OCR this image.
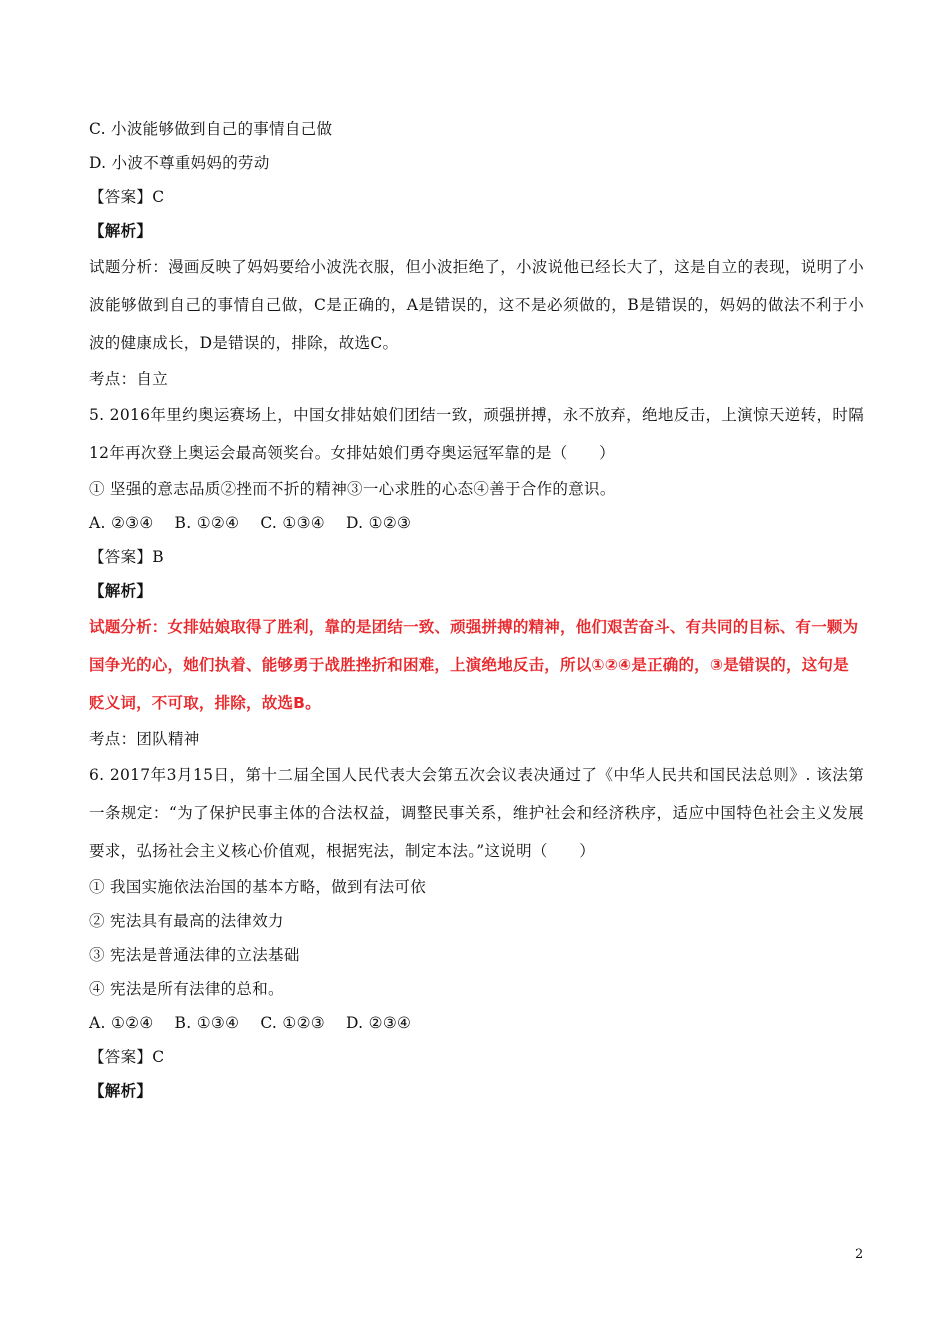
C. 小波能够做到自己的事情自己做
D. 小波不尊重妈妈的劳动
【答案】C
【解析】
试题分析：漫画反映了妈妈要给小波洗衣服，但小波拒绝了，小波说他已经长大了，这是自立的表现，说明了小波能够做到自己的事情自己做，C是正确的，A是错误的，这不是必须做的，B是错误的，妈妈的做法不利于小波的健康成长，D是错误的，排除，故选C。
考点：自立
5. 2016年里约奥运赛场上，中国女排姑娘们团结一致，顽强拼搏，永不放弃，绝地反击，上演惊天逆转，时隔12年再次登上奥运会最高领奖台。女排姑娘们勇夺奥运冠军靠的是（　　）
① 坚强的意志品质②挫而不折的精神③一心求胜的心态④善于合作的意识。
A. ②③④　 B. ①②④　 C. ①③④　 D. ①②③
【答案】B
【解析】
试题分析：女排姑娘取得了胜利，靠的是团结一致、顽强拼搏的精神，他们艰苦奋斗、有共同的目标、有一颗为国争光的心，她们执着、能够勇于战胜挫折和困难，上演绝地反击，所以①②④是正确的，③是错误的，这句是贬义词，不可取，排除，故选B。
考点：团队精神
6. 2017年3月15日，第十二届全国人民代表大会第五次会议表决通过了《中华人民共和国民法总则》. 该法第一条规定：“为了保护民事主体的合法权益，调整民事关系，维护社会和经济秩序，适应中国特色社会主义发展要求，弘扬社会主义核心价值观，根据宪法，制定本法。”这说明（　　）
① 我国实施依法治国的基本方略，做到有法可依
② 宪法具有最高的法律效力
③ 宪法是普通法律的立法基础
④ 宪法是所有法律的总和。
A. ①②④　 B. ①③④　 C. ①②③　 D. ②③④
【答案】C
【解析】
2
